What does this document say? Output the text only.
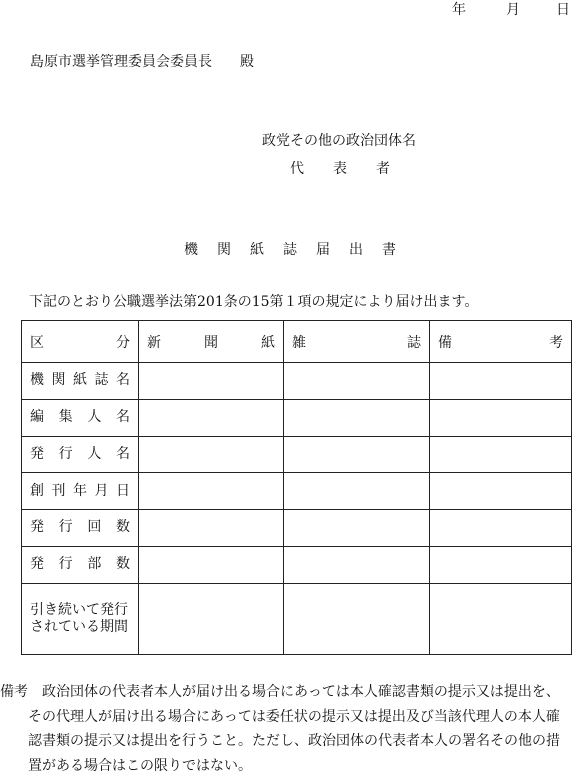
年	月	日
島原市選挙管理委員会委員長　　殿
政党その他の政治団体名
代 表 者
機 関 紙 誌 届 出 書
下記のとおり公職選挙法第201条の15第１項の規定により届け出ます。
区 分	新 聞 紙	雑 誌	備 考

機 関 紙 誌 名			

編 集 人 名			

発 行 人 名			

創 刊 年 月 日			

発 行 回 数			

発 行 部 数			

引き続いて発行
されている期間			

備考 政治団体の代表者本人が届け出る場合にあっては本人確認書類の提示又は提出を、
その代理人が届け出る場合にあっては委任状の提示又は提出及び当該代理人の本人確
認書類の提示又は提出を行うこと。ただし、政治団体の代表者本人の署名その他の措
置がある場合はこの限りではない。
